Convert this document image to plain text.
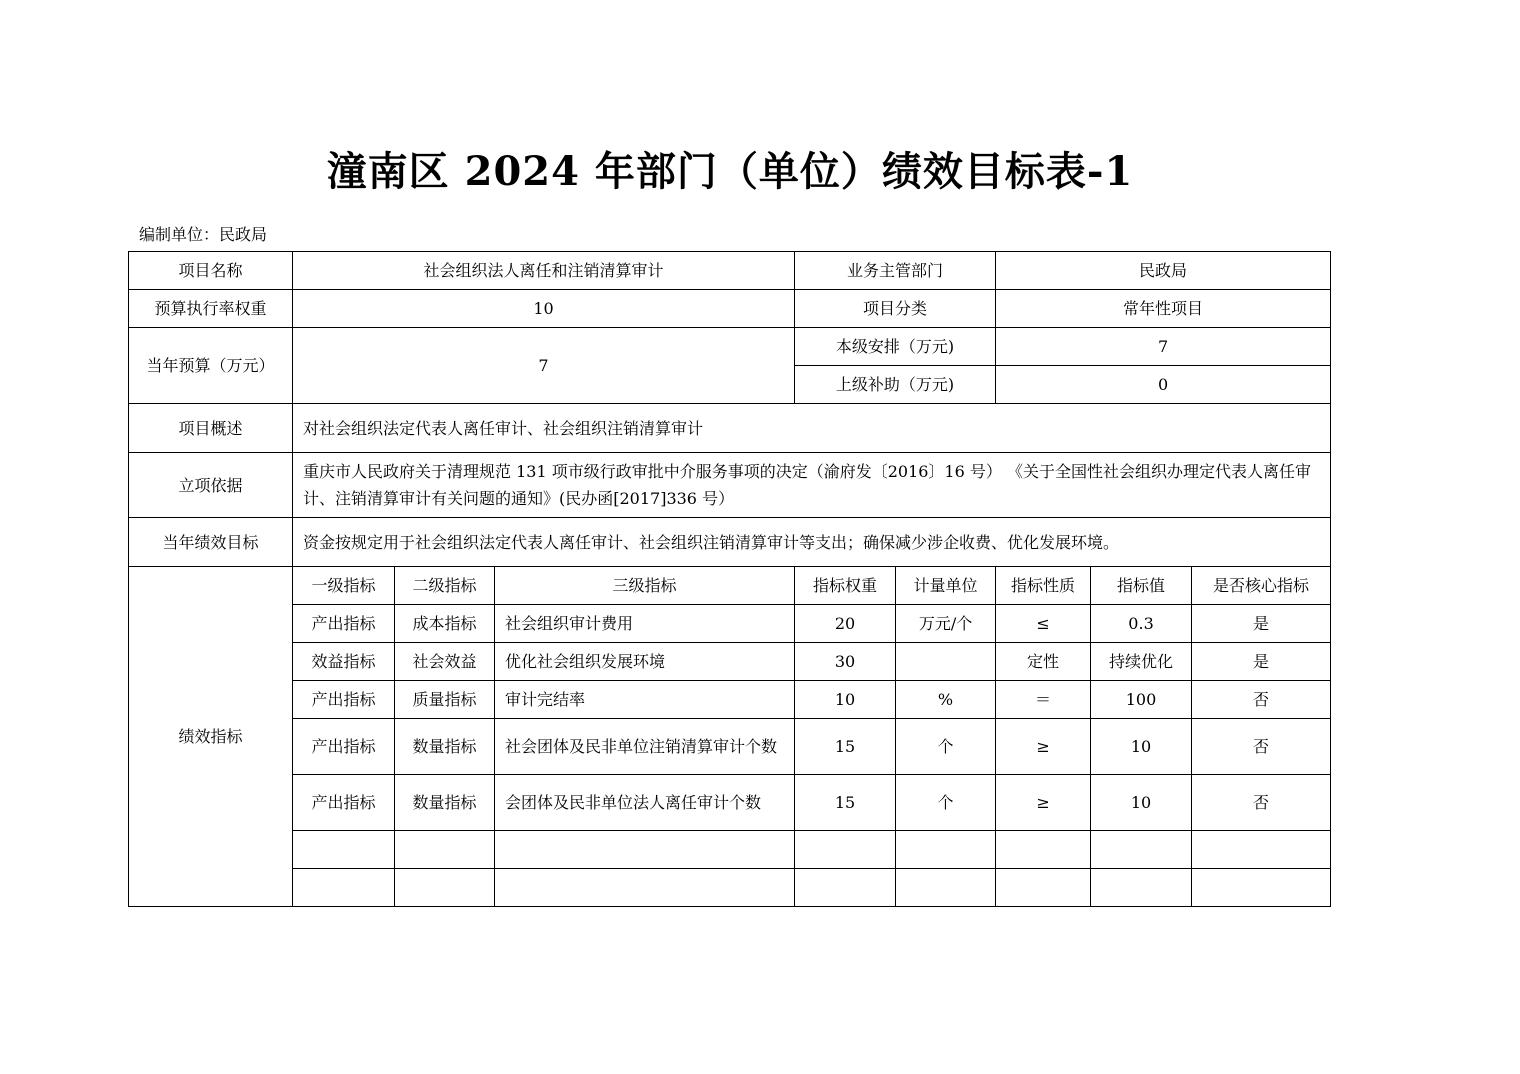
潼南区 2024 年部门（单位）绩效目标表-1
编制单位：民政局
项目名称	社会组织法人离任和注销清算审计			业务主管部门		民政局		
预算执行率权重	10			项目分类		常年性项目		
当年预算（万元）	7			本级安排（万元)		7		
				上级补助（万元)		0		
项目概述	对社会组织法定代表人离任审计、社会组织注销清算审计							
立项依据	重庆市人民政府关于清理规范 131 项市级行政审批中介服务事项的决定（渝府发〔2016〕16 号） 《关于全国性社会组织办理定代表人离任审计、注销清算审计有关问题的通知》(民办函[2017]336 号）							
当年绩效目标	资金按规定用于社会组织法定代表人离任审计、社会组织注销清算审计等支出；确保减少涉企收费、优化发展环境。							
绩效指标	一级指标	二级指标	三级指标	指标权重	计量单位	指标性质	指标值	是否核心指标
	产出指标	成本指标	社会组织审计费用	20	万元/个	≤	0.3	是
	效益指标	社会效益	优化社会组织发展环境	30		定性	持续优化	是
	产出指标	质量指标	审计完结率	10	%	＝	100	否
	产出指标	数量指标	社会团体及民非单位注销清算审计个数	15	个	≥	10	否
	产出指标	数量指标	会团体及民非单位法人离任审计个数	15	个	≥	10	否
